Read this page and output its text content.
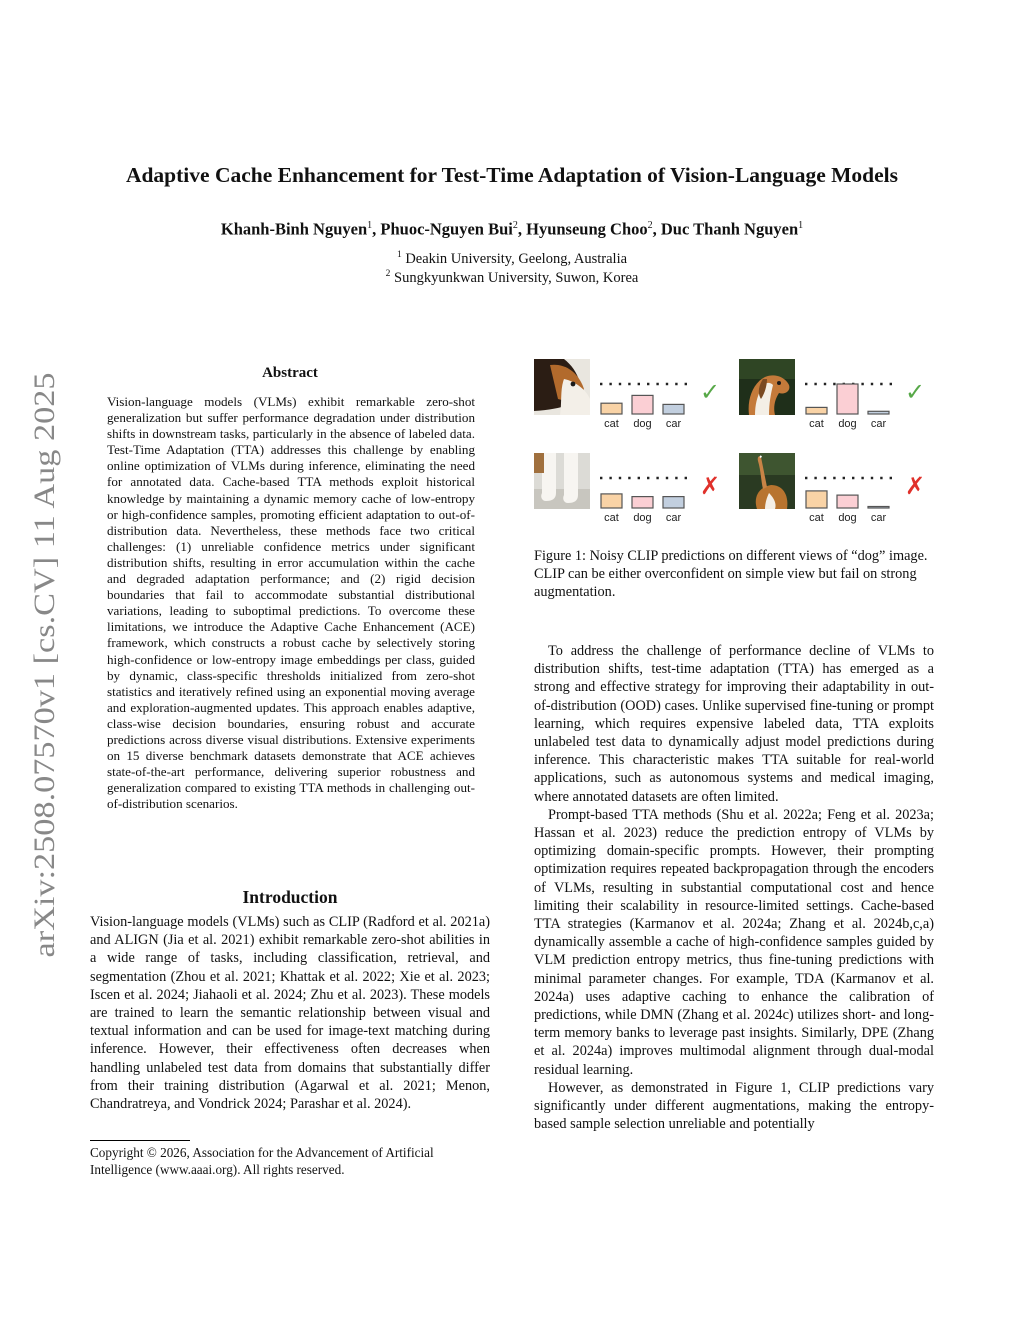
arXiv:2508.07570v1 [cs.CV] 11 Aug 2025
Adaptive Cache Enhancement for Test-Time Adaptation of Vision-Language Models
Khanh-Binh Nguyen$^1$, Phuoc-Nguyen Bui$^2$, Hyunseung Choo$^2$, Duc Thanh Nguyen$^1$
$^1$ Deakin University, Geelong, Australia
$^2$ Sungkyunkwan University, Suwon, Korea
Abstract
Vision-language models (VLMs) exhibit remarkable zero-shot generalization but suffer performance degradation under distribution shifts in downstream tasks, particularly in the absence of labeled data. Test-Time Adaptation (TTA) addresses this challenge by enabling online optimization of VLMs during inference, eliminating the need for annotated data. Cache-based TTA methods exploit historical knowledge by maintaining a dynamic memory cache of low-entropy or high-confidence samples, promoting efficient adaptation to out-of-distribution data. Nevertheless, these methods face two critical challenges: (1) unreliable confidence metrics under significant distribution shifts, resulting in error accumulation within the cache and degraded adaptation performance; and (2) rigid decision boundaries that fail to accommodate substantial distributional variations, leading to suboptimal predictions. To overcome these limitations, we introduce the Adaptive Cache Enhancement (ACE) framework, which constructs a robust cache by selectively storing high-confidence or low-entropy image embeddings per class, guided by dynamic, class-specific thresholds initialized from zero-shot statistics and iteratively refined using an exponential moving average and exploration-augmented updates. This approach enables adaptive, class-wise decision boundaries, ensuring robust and accurate predictions across diverse visual distributions. Extensive experiments on 15 diverse benchmark datasets demonstrate that ACE achieves state-of-the-art performance, delivering superior robustness and generalization compared to existing TTA methods in challenging out-of-distribution scenarios.
Introduction

Vision-language models (VLMs) such as CLIP (Radford et al. 2021a) and ALIGN (Jia et al. 2021) exhibit remarkable zero-shot abilities in a wide range of tasks, including classification, retrieval, and segmentation (Zhou et al. 2021; Khattak et al. 2022; Xie et al. 2023; Iscen et al. 2024; Jiahaoli et al. 2024; Zhu et al. 2023). These models are trained to learn the semantic relationship between visual and textual information and can be used for image-text matching during inference. However, their effectiveness often decreases when handling unlabeled test data from domains that substantially differ from their training distribution (Agarwal et al. 2021; Menon, Chandratreya, and Vondrick 2024; Parashar et al. 2024).

Copyright © 2026, Association for the Advancement of Artificial Intelligence (www.aaai.org). All rights reserved.
cat dog car
✓
cat dog car
✓
cat dog car
✗
cat dog car
✗
Figure 1: Noisy CLIP predictions on different views of “dog” image. CLIP can be either overconfident on simple view but fail on strong augmentation.

To address the challenge of performance decline of VLMs to distribution shifts, test-time adaptation (TTA) has emerged as a strong and effective strategy for improving their adaptability in out-of-distribution (OOD) cases. Unlike supervised fine-tuning or prompt learning, which requires expensive labeled data, TTA exploits unlabeled test data to dynamically adjust model predictions during inference. This characteristic makes TTA suitable for real-world applications, such as autonomous systems and medical imaging, where annotated datasets are often limited.

Prompt-based TTA methods (Shu et al. 2022a; Feng et al. 2023a; Hassan et al. 2023) reduce the prediction entropy of VLMs by optimizing domain-specific prompts. However, their prompting optimization requires repeated backpropagation through the encoders of VLMs, resulting in substantial computational cost and hence limiting their scalability in resource-limited settings. Cache-based TTA strategies (Karmanov et al. 2024a; Zhang et al. 2024b,c,a) dynamically assemble a cache of high-confidence samples guided by VLM prediction entropy metrics, thus fine-tuning predictions with minimal parameter changes. For example, TDA (Karmanov et al. 2024a) uses adaptive caching to enhance the calibration of predictions, while DMN (Zhang et al. 2024c) utilizes short- and long-term memory banks to leverage past insights. Similarly, DPE (Zhang et al. 2024a) improves multimodal alignment through dual-modal residual learning.

However, as demonstrated in Figure 1, CLIP predictions vary significantly under different augmentations, making the entropy-based sample selection unreliable and potentially
